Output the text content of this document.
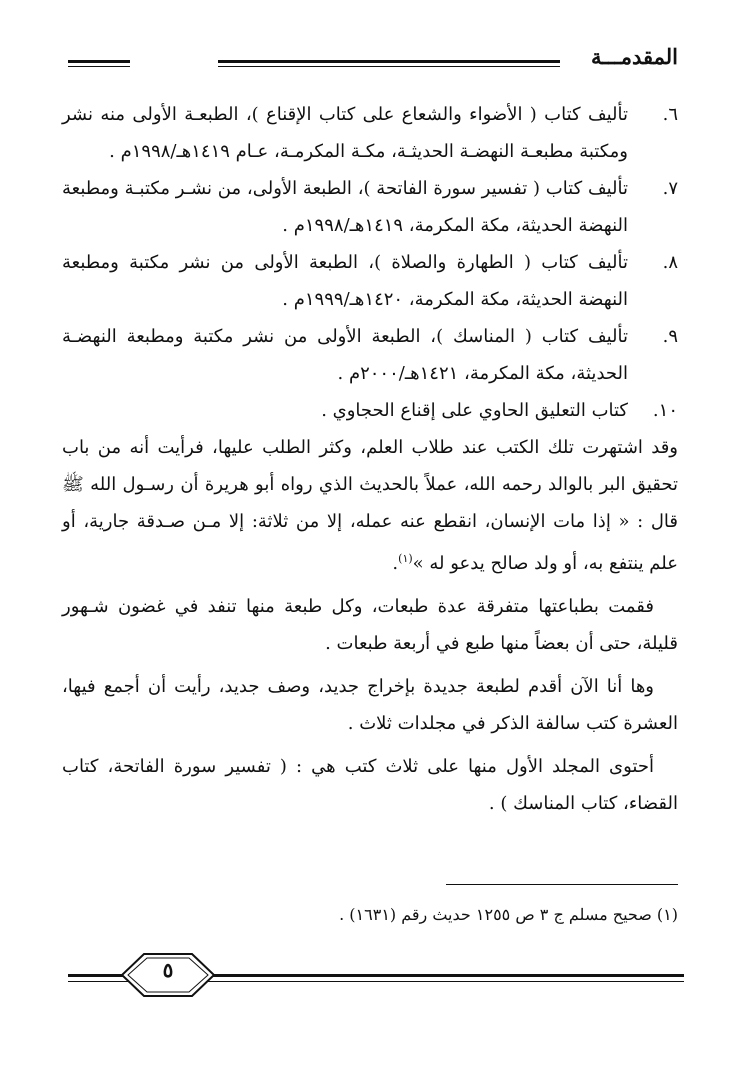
المقدمـــة
٦.
تأليف كتاب ( الأضواء والشعاع على كتاب الإقناع )، الطبعـة الأولى منه نشر ومكتبة مطبعـة النهضـة الحديثـة، مكـة المكرمـة، عـام ١٤١٩هـ/١٩٩٨م .
٧.
تأليف كتاب ( تفسير سورة الفاتحة )، الطبعة الأولى، من نشـر مكتبـة ومطبعة النهضة الحديثة، مكة المكرمة، ١٤١٩هـ/١٩٩٨م .
٨.
تأليف كتاب ( الطهارة والصلاة )، الطبعة الأولى من نشر مكتبة ومطبعة النهضة الحديثة، مكة المكرمة، ١٤٢٠هـ/١٩٩٩م .
٩.
تأليف كتاب ( المناسك )، الطبعة الأولى من نشر مكتبة ومطبعة النهضـة الحديثة، مكة المكرمة، ١٤٢١هـ/٢٠٠٠م .
١٠.
كتاب التعليق الحاوي على إقناع الحجاوي .

وقد اشتهرت تلك الكتب عند طلاب العلم، وكثر الطلب عليها، فرأيت أنه من باب تحقيق البر بالوالد رحمه الله، عملاً بالحديث الذي رواه أبو هريرة أن رسـول الله ﷺ قال : « إذا مات الإنسان، انقطع عنه عمله، إلا من ثلاثة: إلا مـن صـدقة جارية، أو علم ينتفع به، أو ولد صالح يدعو له »$^{(١)}$.

فقمت بطباعتها متفرقة عدة طبعات، وكل طبعة منها تنفد في غضون شـهور قليلة، حتى أن بعضاً منها طبع في أربعة طبعات .

وها أنا الآن أقدم لطبعة جديدة بإخراج جديد، وصف جديد، رأيت أن أجمع فيها، العشرة كتب سالفة الذكر في مجلدات ثلاث .

أحتوى المجلد الأول منها على ثلاث كتب هي : ( تفسير سورة الفاتحة، كتاب القضاء، كتاب المناسك ) .

(١) صحيح مسلم ج ٣ ص ١٢٥٥ حديث رقم (١٦٣١) .
٥
